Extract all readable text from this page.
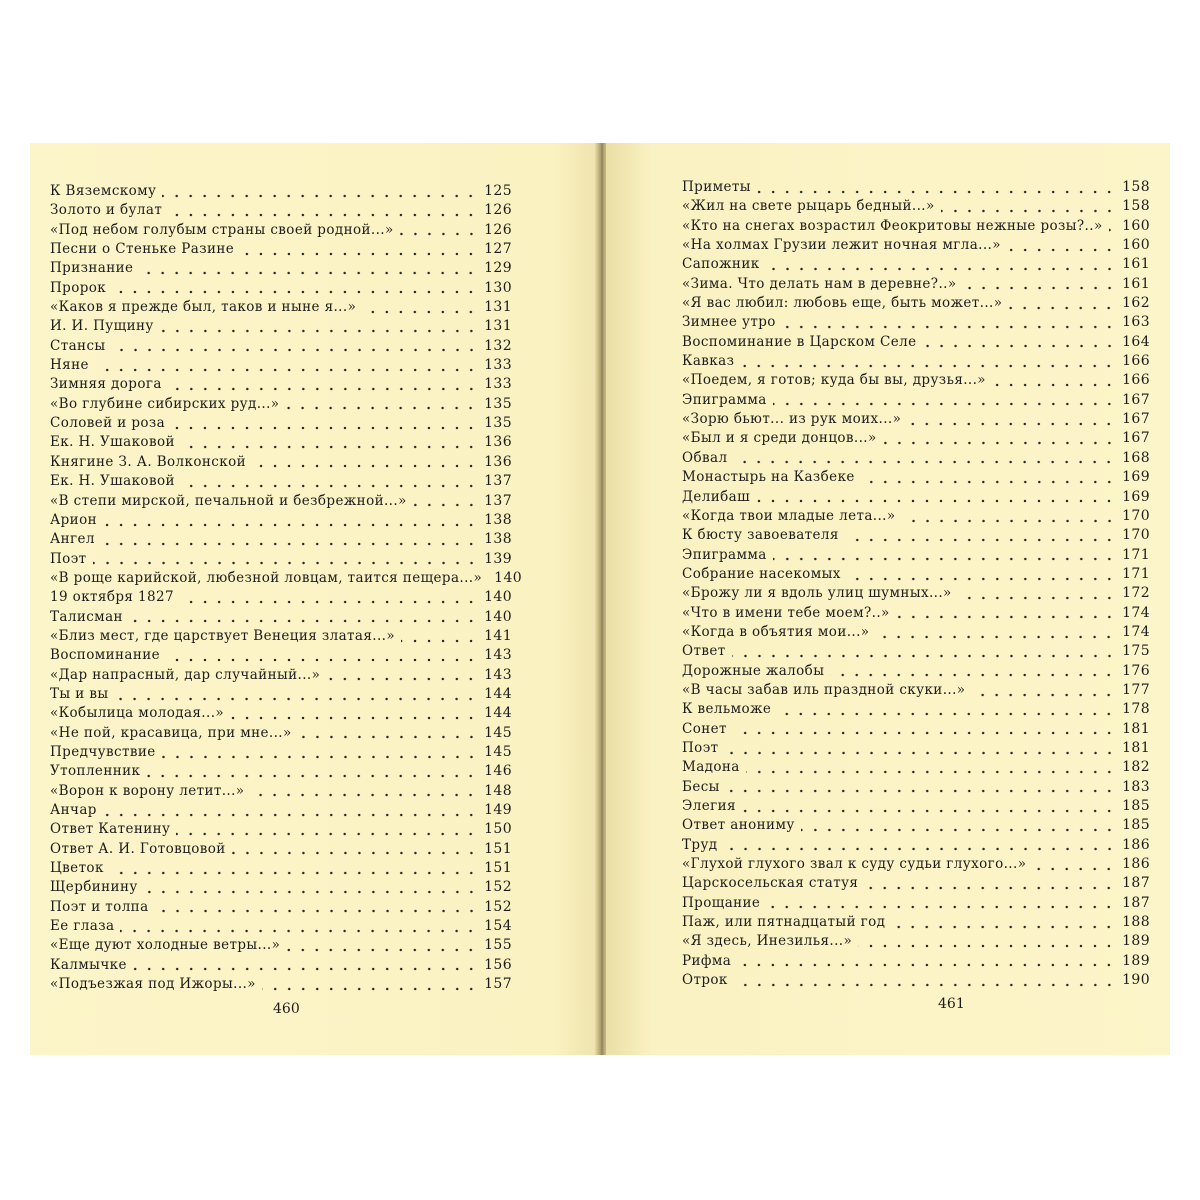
К Вяземскому	125
Золото и булат	126
«Под небом голубым страны своей родной...»	126
Песни о Стеньке Разине	127
Признание	129
Пророк	130
«Каков я прежде был, таков и ныне я...»	131
И. И. Пущину	131
Стансы	132
Няне	133
Зимняя дорога	133
«Во глубине сибирских руд...»	135
Соловей и роза	135
Ек. Н. Ушаковой	136
Княгине З. А. Волконской	136
Ек. Н. Ушаковой	137
«В степи мирской, печальной и безбрежной...»	137
Арион	138
Ангел	138
Поэт	139
«В роще карийской, любезной ловцам, таится пещера...» 140
19 октября 1827	140
Талисман	140
«Близ мест, где царствует Венеция златая...»	141
Воспоминание	143
«Дар напрасный, дар случайный...»	143
Ты и вы	144
«Кобылица молодая...»	144
«Не пой, красавица, при мне...»	145
Предчувствие	145
Утопленник	146
«Ворон к ворону летит...»	148
Анчар	149
Ответ Катенину	150
Ответ А. И. Готовцовой	151
Цветок	151
Щербинину	152
Поэт и толпа	152
Ее глаза	154
«Еще дуют холодные ветры...»	155
Калмычке	156
«Подъезжая под Ижоры...»	157
460
Приметы	158
«Жил на свете рыцарь бедный...»	158
«Кто на снегах возрастил Феокритовы нежные розы?..» 160
«На холмах Грузии лежит ночная мгла...»	160
Сапожник	161
«Зима. Что делать нам в деревне?..»	161
«Я вас любил: любовь еще, быть может...»	162
Зимнее утро	163
Воспоминание в Царском Селе	164
Кавказ	166
«Поедем, я готов; куда бы вы, друзья...»	166
Эпиграмма	167
«Зорю бьют... из рук моих...»	167
«Был и я среди донцов...»	167
Обвал	168
Монастырь на Казбеке	169
Делибаш	169
«Когда твои младые лета...»	170
К бюсту завоевателя	170
Эпиграмма	171
Собрание насекомых	171
«Брожу ли я вдоль улиц шумных...»	172
«Что в имени тебе моем?..»	174
«Когда в объятия мои...»	174
Ответ	175
Дорожные жалобы	176
«В часы забав иль праздной скуки...»	177
К вельможе	178
Сонет	181
Поэт	181
Мадона	182
Бесы	183
Элегия	185
Ответ анониму	185
Труд	186
«Глухой глухого звал к суду судьи глухого...»	186
Царскосельская статуя	187
Прощание	187
Паж, или пятнадцатый год	188
«Я здесь, Инезилья...»	189
Рифма	189
Отрок	190
461
